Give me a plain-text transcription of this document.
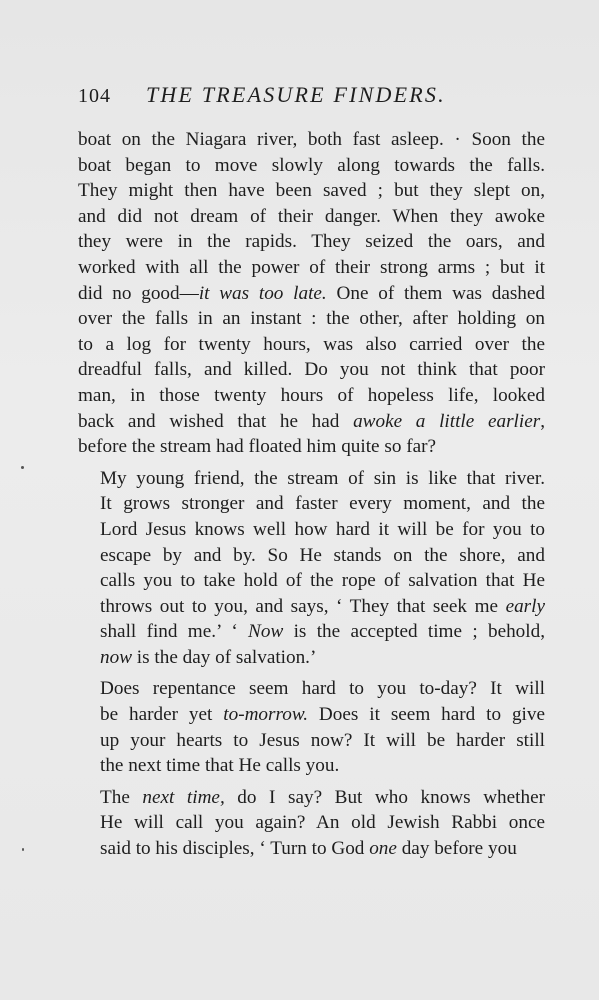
104 THE TREASURE FINDERS.

boat on the Niagara river, both fast asleep. · Soon the
boat began to move slowly along towards the falls.
They might then have been saved ; but they slept on,
and did not dream of their danger. When they awoke
they were in the rapids. They seized the oars, and
worked with all the power of their strong arms ; but it
did no good—it was too late. One of them was dashed
over the falls in an instant : the other, after holding on
to a log for twenty hours, was also carried over the
dreadful falls, and killed. Do you not think that poor
man, in those twenty hours of hopeless life, looked
back and wished that he had awoke a little earlier,
before the stream had floated him quite so far?

My young friend, the stream of sin is like that river.
It grows stronger and faster every moment, and the
Lord Jesus knows well how hard it will be for you to
escape by and by. So He stands on the shore, and
calls you to take hold of the rope of salvation that He
throws out to you, and says, ‘ They that seek me early
shall find me.’ ‘ Now is the accepted time ; behold,
now is the day of salvation.’

Does repentance seem hard to you to-day? It will
be harder yet to-morrow. Does it seem hard to give
up your hearts to Jesus now? It will be harder still
the next time that He calls you.

The next time, do I say? But who knows whether
He will call you again? An old Jewish Rabbi once
said to his disciples, ‘ Turn to God one day before you
